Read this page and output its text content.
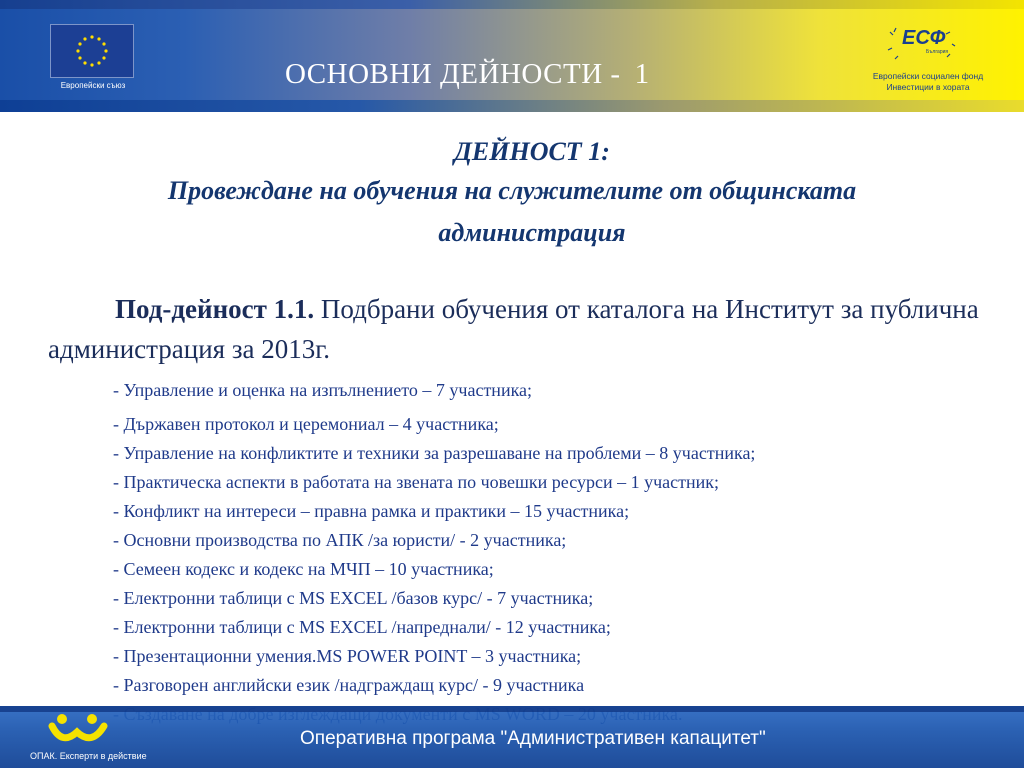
Европейски съюз	ОСНОВНИ ДЕЙНОСТИ - 1
ЕСФ
България
Европейски социален фонд
Инвестиции в хората
ДЕЙНОСТ 1:
Провеждане на обучения на служителите от общинската
администрация
Под-дейност 1.1. Подбрани обучения от каталога на Институт за публична администрация за 2013г.
- Управление и оценка на изпълнението – 7 участника;
- Държавен протокол и церемониал – 4 участника;
- Управление на конфликтите и техники за разрешаване на проблеми – 8 участника;
- Практическа аспекти в работата на звената по човешки ресурси – 1 участник;
- Конфликт на интереси – правна рамка и практики – 15 участника;
- Основни производства по АПК /за юристи/ - 2 участника;
- Семеен кодекс и кодекс на МЧП – 10 участника;
- Електронни таблици с MS EXCEL /базов курс/ - 7 участника;
- Електронни таблици с MS EXCEL /напреднали/ - 12 участника;
- Презентационни умения.MS POWER POINT – 3 участника;
- Разговорен английски език /надграждащ курс/ - 9 участника
ОПАК. Експерти в действие
Оперативна програма "Административен капацитет"
